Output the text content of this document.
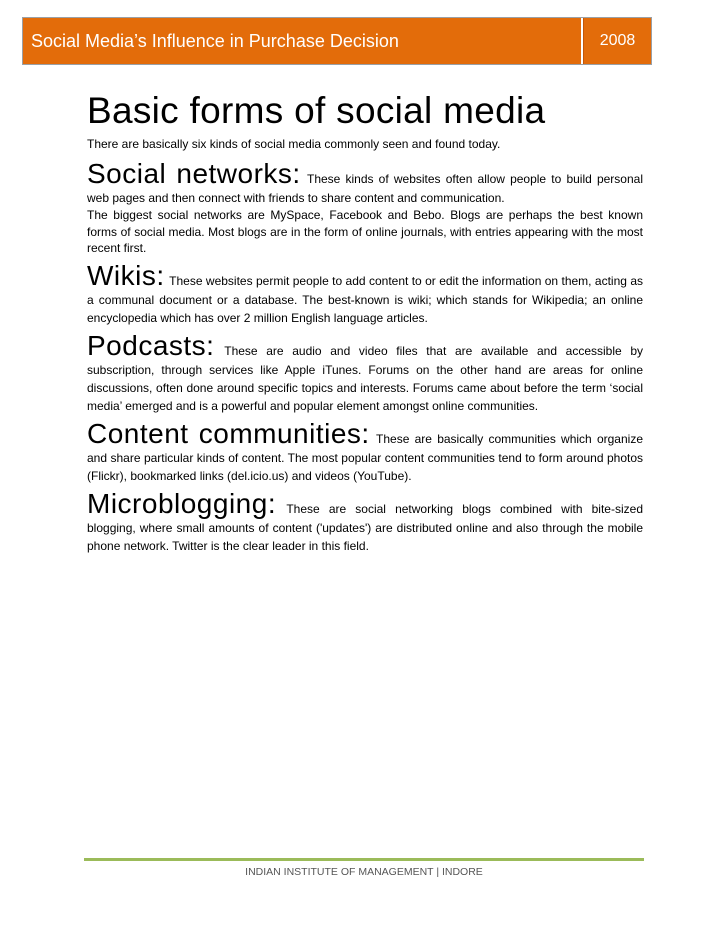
Social Media’s Influence in Purchase Decision	2008
Basic forms of social media
There are basically six kinds of social media commonly seen and found today.
Social networks: These kinds of websites often allow people to build personal web pages and then connect with friends to share content and communication.

The biggest social networks are MySpace, Facebook and Bebo. Blogs are perhaps the best known forms of social media. Most blogs are in the form of online journals, with entries appearing with the most recent first.

Wikis: These websites permit people to add content to or edit the information on them, acting as a communal document or a database. The best-known is wiki; which stands for Wikipedia; an online encyclopedia which has over 2 million English language articles.
Podcasts: These are audio and video files that are available and accessible by subscription, through services like Apple iTunes. Forums on the other hand are areas for online discussions, often done around specific topics and interests. Forums came about before the term ‘social media’ emerged and is a powerful and popular element amongst online communities.
Content communities: These are basically communities which organize and share particular kinds of content. The most popular content communities tend to form around photos (Flickr), bookmarked links (del.icio.us) and videos (YouTube).
Microblogging: These are social networking blogs combined with bite-sized blogging, where small amounts of content ('updates') are distributed online and also through the mobile phone network. Twitter is the clear leader in this field.
INDIAN INSTITUTE OF MANAGEMENT | INDORE
